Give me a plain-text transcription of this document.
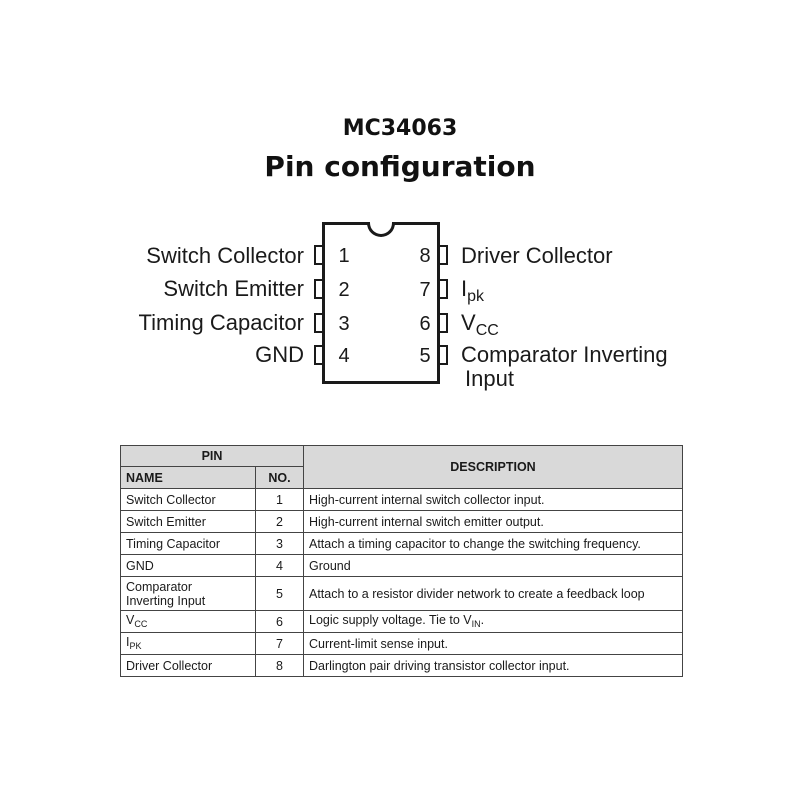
MC34063
Pin configuration
1
2
3
4
Switch Collector
Switch Emitter
Timing Capacitor
GND
8
7
6
5
Driver Collector
$I_{pk}$
$V_{CC}$
Comparator Inverting
Input
PIN		DESCRIPTION
NAME	NO.	
Switch Collector	1	High-current internal switch collector input.
Switch Emitter	2	High-current internal switch emitter output.
Timing Capacitor	3	Attach a timing capacitor to change the switching frequency.
GND	4	Ground
Comparator
Inverting Input	5	Attach to a resistor divider network to create a feedback loop
$V_{CC}$	6	Logic supply voltage. Tie to $V_{IN}$.
$I_{PK}$	7	Current-limit sense input.
Driver Collector	8	Darlington pair driving transistor collector input.
